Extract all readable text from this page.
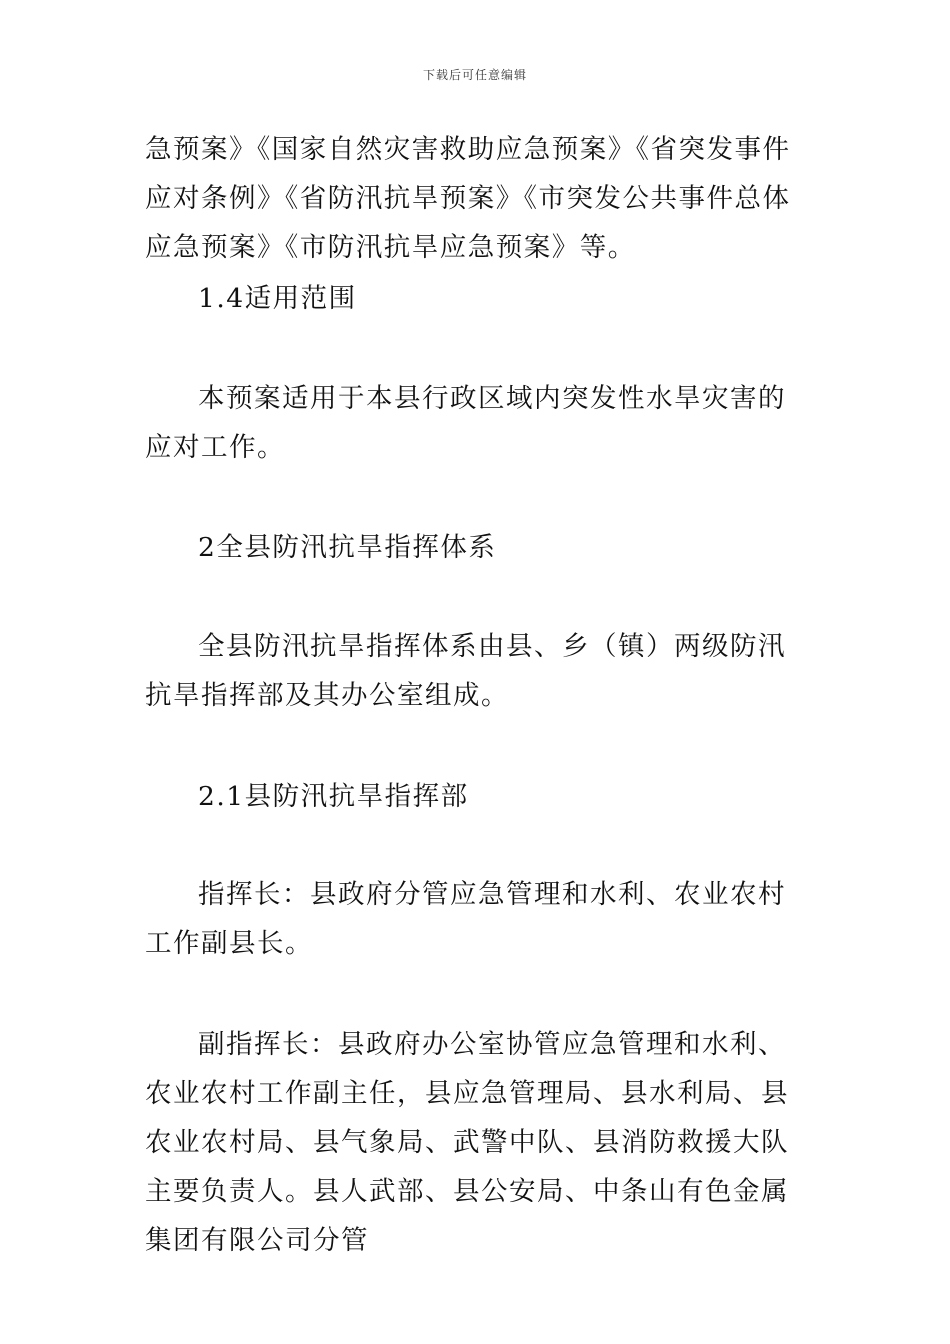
下载后可任意编辑

急预案》《国家自然灾害救助应急预案》《省突发事件应对条例》《省防汛抗旱预案》《市突发公共事件总体应急预案》《市防汛抗旱应急预案》等。

1.4适用范围

本预案适用于本县行政区域内突发性水旱灾害的应对工作。

2全县防汛抗旱指挥体系

全县防汛抗旱指挥体系由县、乡（镇）两级防汛抗旱指挥部及其办公室组成。

2.1县防汛抗旱指挥部

指挥长：县政府分管应急管理和水利、农业农村工作副县长。

副指挥长：县政府办公室协管应急管理和水利、农业农村工作副主任，县应急管理局、县水利局、县农业农村局、县气象局、武警中队、县消防救援大队主要负责人。县人武部、县公安局、中条山有色金属集团有限公司分管
